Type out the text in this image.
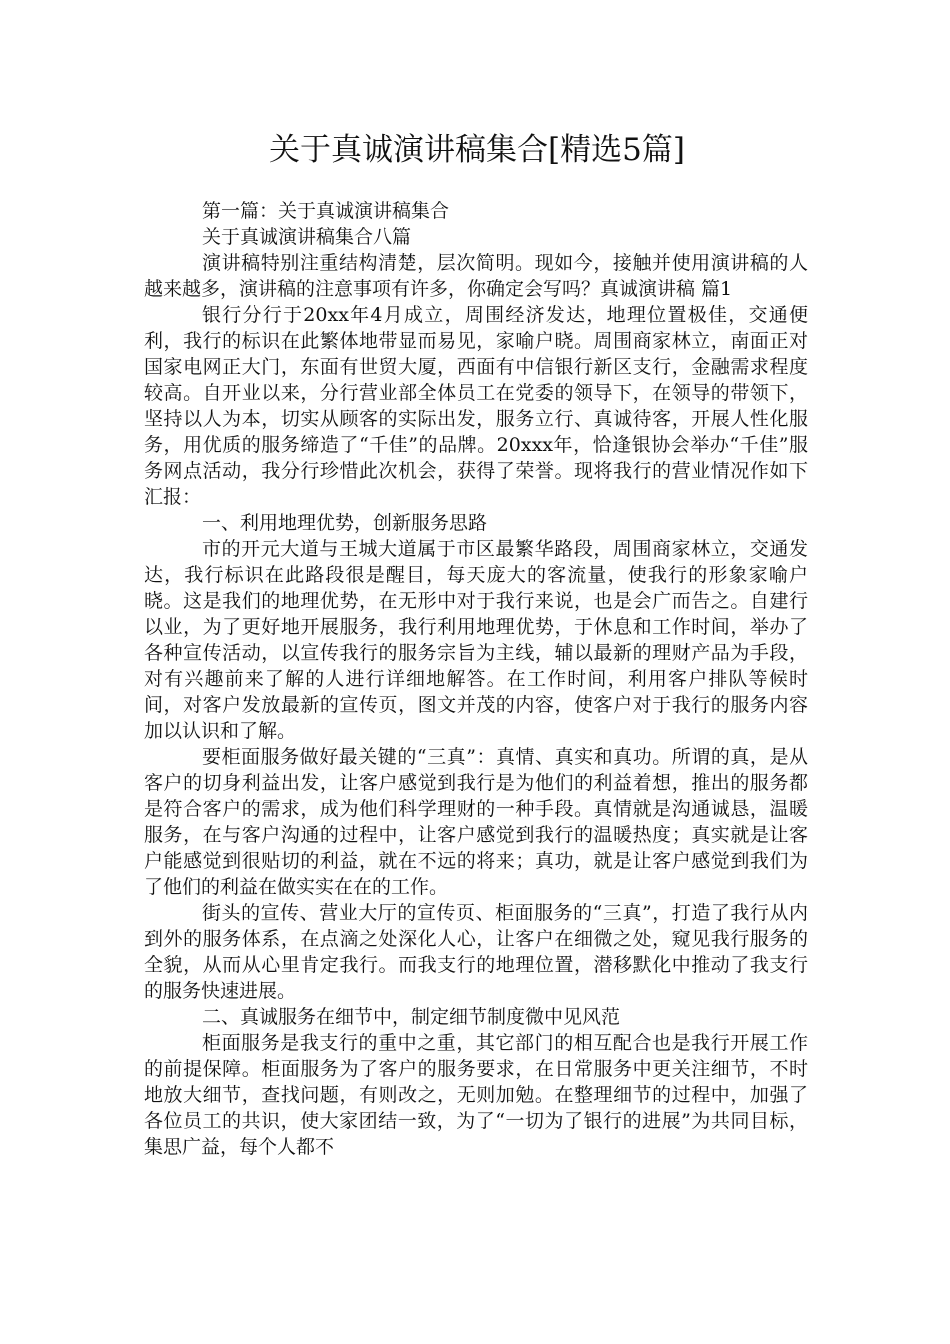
关于真诚演讲稿集合[精选5篇]

第一篇：关于真诚演讲稿集合

关于真诚演讲稿集合八篇

演讲稿特别注重结构清楚，层次简明。现如今，接触并使用演讲稿的人越来越多，演讲稿的注意事项有许多，你确定会写吗？真诚演讲稿 篇1

银行分行于20xx年4月成立，周围经济发达，地理位置极佳，交通便利，我行的标识在此繁体地带显而易见，家喻户晓。周围商家林立，南面正对国家电网正大门，东面有世贸大厦，西面有中信银行新区支行，金融需求程度较高。自开业以来，分行营业部全体员工在党委的领导下，在领导的带领下，坚持以人为本，切实从顾客的实际出发，服务立行、真诚待客，开展人性化服务，用优质的服务缔造了“千佳”的品牌。20xxx年，恰逢银协会举办“千佳”服务网点活动，我分行珍惜此次机会，获得了荣誉。现将我行的营业情况作如下汇报：

一、利用地理优势，创新服务思路

市的开元大道与王城大道属于市区最繁华路段，周围商家林立，交通发达，我行标识在此路段很是醒目，每天庞大的客流量，使我行的形象家喻户晓。这是我们的地理优势，在无形中对于我行来说，也是会广而告之。自建行以业，为了更好地开展服务，我行利用地理优势，于休息和工作时间，举办了各种宣传活动，以宣传我行的服务宗旨为主线，辅以最新的理财产品为手段，对有兴趣前来了解的人进行详细地解答。在工作时间，利用客户排队等候时间，对客户发放最新的宣传页，图文并茂的内容，使客户对于我行的服务内容加以认识和了解。

要柜面服务做好最关键的“三真”：真情、真实和真功。所谓的真，是从客户的切身利益出发，让客户感觉到我行是为他们的利益着想，推出的服务都是符合客户的需求，成为他们科学理财的一种手段。真情就是沟通诚恳，温暖服务，在与客户沟通的过程中，让客户感觉到我行的温暖热度；真实就是让客户能感觉到很贴切的利益，就在不远的将来；真功，就是让客户感觉到我们为了他们的利益在做实实在在的工作。

街头的宣传、营业大厅的宣传页、柜面服务的“三真”，打造了我行从内到外的服务体系，在点滴之处深化人心，让客户在细微之处，窥见我行服务的全貌，从而从心里肯定我行。而我支行的地理位置，潜移默化中推动了我支行的服务快速进展。

二、真诚服务在细节中，制定细节制度微中见风范

柜面服务是我支行的重中之重，其它部门的相互配合也是我行开展工作的前提保障。柜面服务为了客户的服务要求，在日常服务中更关注细节，不时地放大细节，查找问题，有则改之，无则加勉。在整理细节的过程中，加强了各位员工的共识，使大家团结一致，为了“一切为了银行的进展”为共同目标，集思广益，每个人都不
